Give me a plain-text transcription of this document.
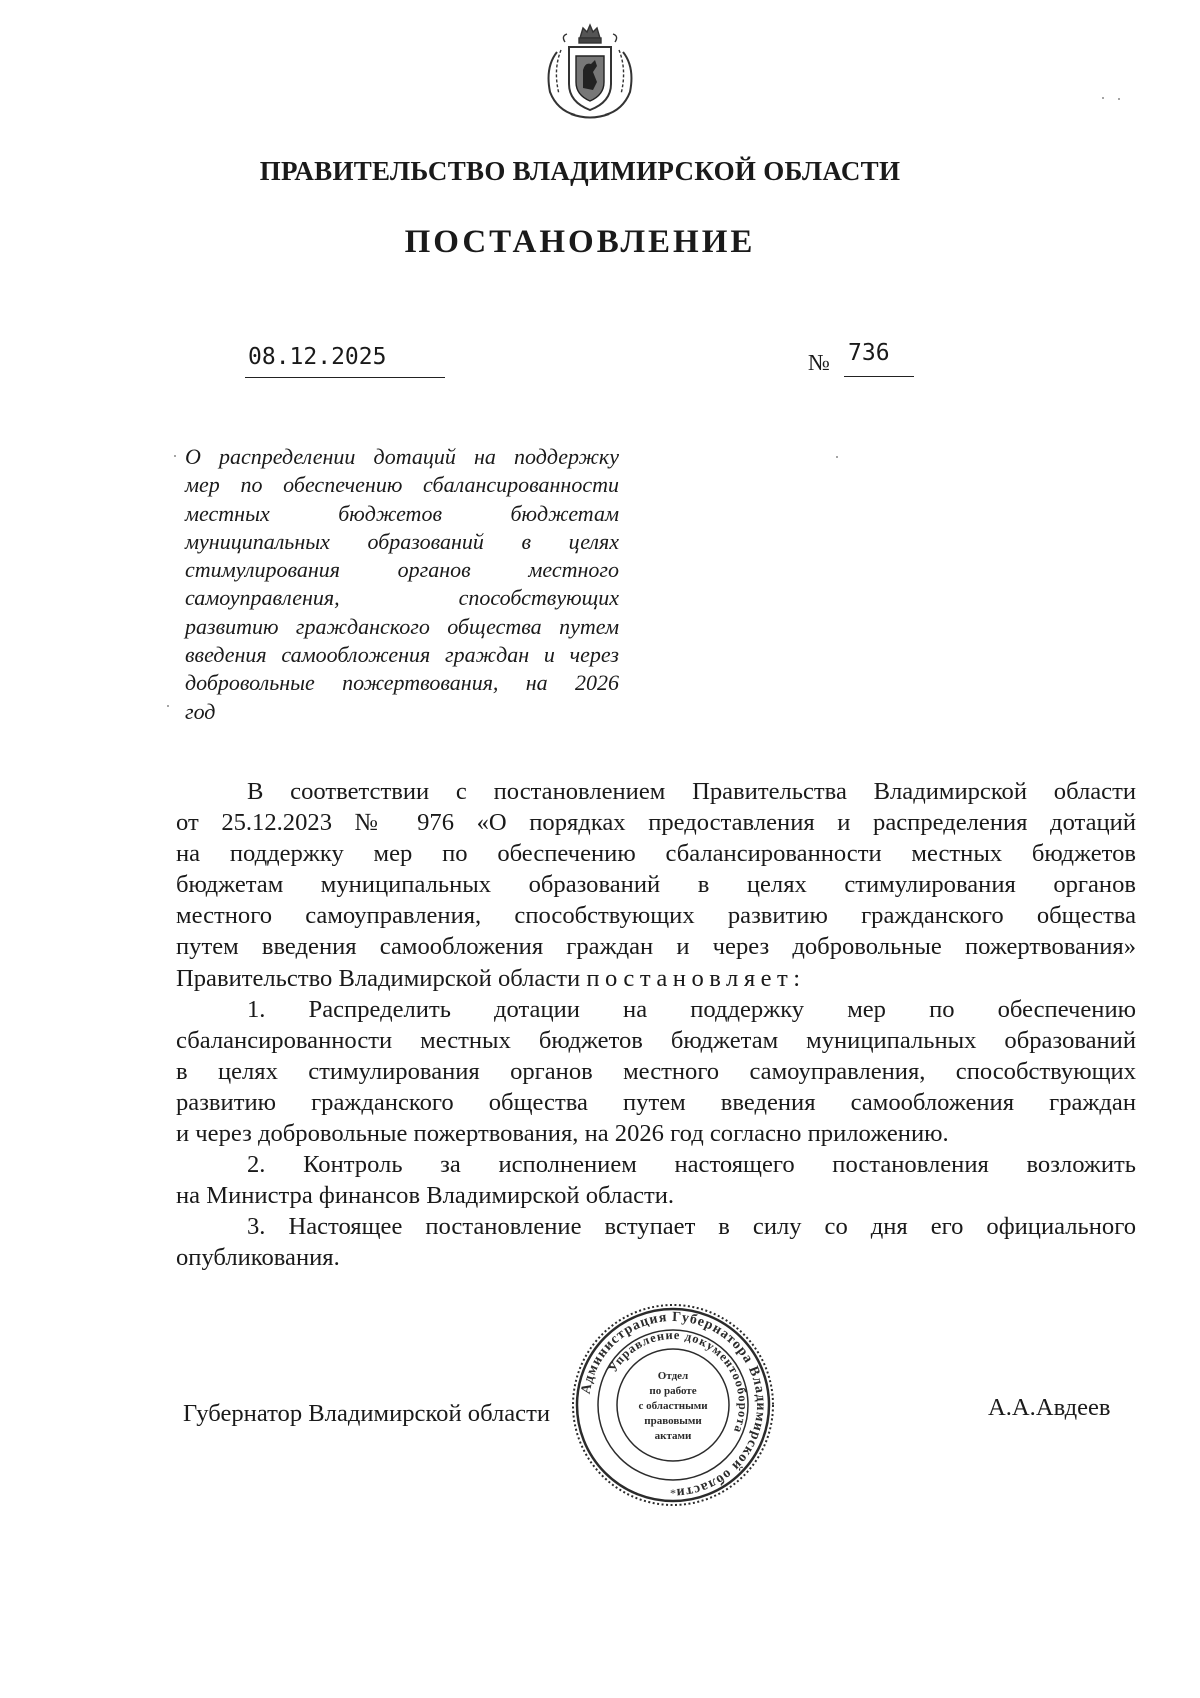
ПРАВИТЕЛЬСТВО ВЛАДИМИРСКОЙ ОБЛАСТИ
ПОСТАНОВЛЕНИЕ
08.12.2025	№ 736
О распределении дотаций на поддержку
мер по обеспечению сбалансированности
местных бюджетов бюджетам
муниципальных образований в целях
стимулирования органов местного
самоуправления, способствующих
развитию гражданского общества путем
введения самообложения граждан и через
добровольные пожертвования, на 2026
год
В соответствии с постановлением Правительства Владимирской области
от 25.12.2023 № 976 «О порядках предоставления и распределения дотаций
на поддержку мер по обеспечению сбалансированности местных бюджетов
бюджетам муниципальных образований в целях стимулирования органов
местного самоуправления, способствующих развитию гражданского общества
путем введения самообложения граждан и через добровольные пожертвования»
Правительство Владимирской области постановляет:
1. Распределить дотации на поддержку мер по обеспечению
сбалансированности местных бюджетов бюджетам муниципальных образований
в целях стимулирования органов местного самоуправления, способствующих
развитию гражданского общества путем введения самообложения граждан
и через добровольные пожертвования, на 2026 год согласно приложению.
2. Контроль за исполнением настоящего постановления возложить
на Министра финансов Владимирской области.
3. Настоящее постановление вступает в силу со дня его официального
опубликования.
Губернатор Владимирской области	А.А.Авдеев
Администрация Губернатора Владимирской области
Управление документооборота
Отдел
по работе
с областными
правовыми
актами
*
